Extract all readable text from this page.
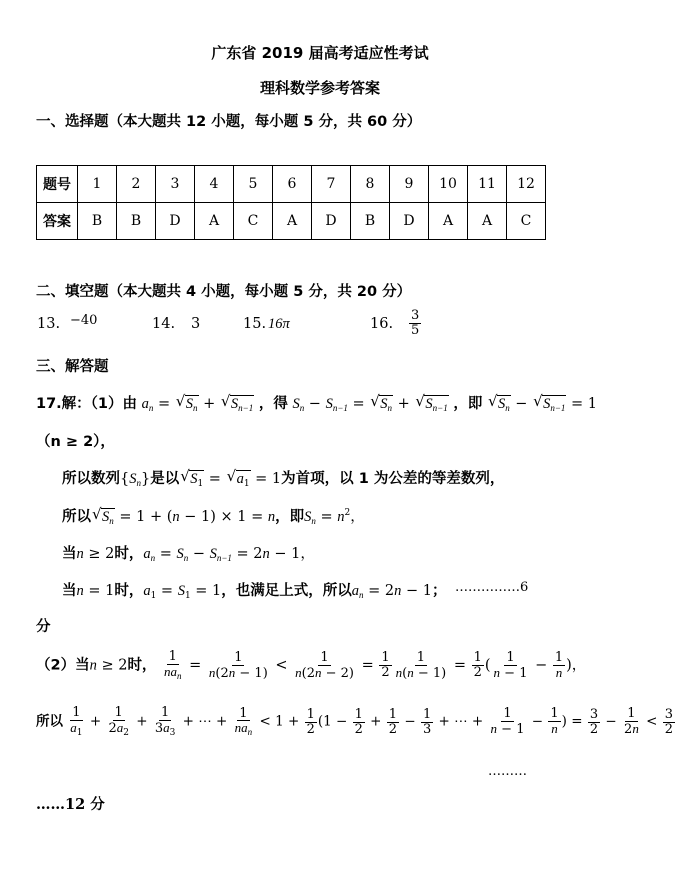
广东省 2019 届高考适应性考试
理科数学参考答案
一、选择题（本大题共 12 小题，每小题 5 分，共 60 分）
题号	1	2	3	4	5	6	7	8	9	10	11	12
答案	B	B	D	A	C	A	D	B	D	A	A	C
二、填空题（本大题共 4 小题，每小题 5 分，共 20 分）
13. −40	14. 3	15. 16π	16. $\frac{3}{5}$
三、解答题
17.解：（1）由 $a_n$ = √ $S_n$ + √ $S_{n-1}$ ，得 $S_n - S_{n-1}$ = √ $S_n$ + √ $S_{n-1}$ ，即 √ $S_n$ − √ $S_{n-1} = 1$
（n ≥ 2），
所以数列$\{S_n\}$是以 √ $S_1$ = √ $a_1 = 1$为首项，以 1 为公差的等差数列，
所以 √ $S_n = 1 + (n - 1) \times 1 = n$，即$S_n = n^2$，
当n ≥ 2时，$a_n = S_n - S_{n-1} = 2n - 1$，
当n = 1时，$a_1 = S_1 = 1$，也满足上式，所以$a_n = 2n - 1$； ……………6
分
（2）当n ≥ 2时，
1
$na_n$
= $\frac{1}{n(2n - 1)} < \frac{1}{n(2n - 2)} = \frac{1}{2} \frac{1}{n(n - 1)} = \frac{1}{2}$ ( $\frac{1}{n - 1} - \frac{1}{n}$ )，
所以 $\frac{1}{a_1} + \frac{1}{2a_2} + \frac{1}{3a_3}$ + ⋯ +
1
$na_n$
< $1 + \frac{1}{2} (1 - \frac{1}{2} + \frac{1}{2} - \frac{1}{3}$ + ⋯ + $\frac{1}{n - 1} - \frac{1}{n}$ ) = $\frac{3}{2} - \frac{1}{2n} < \frac{3}{2}$
………
……12 分
